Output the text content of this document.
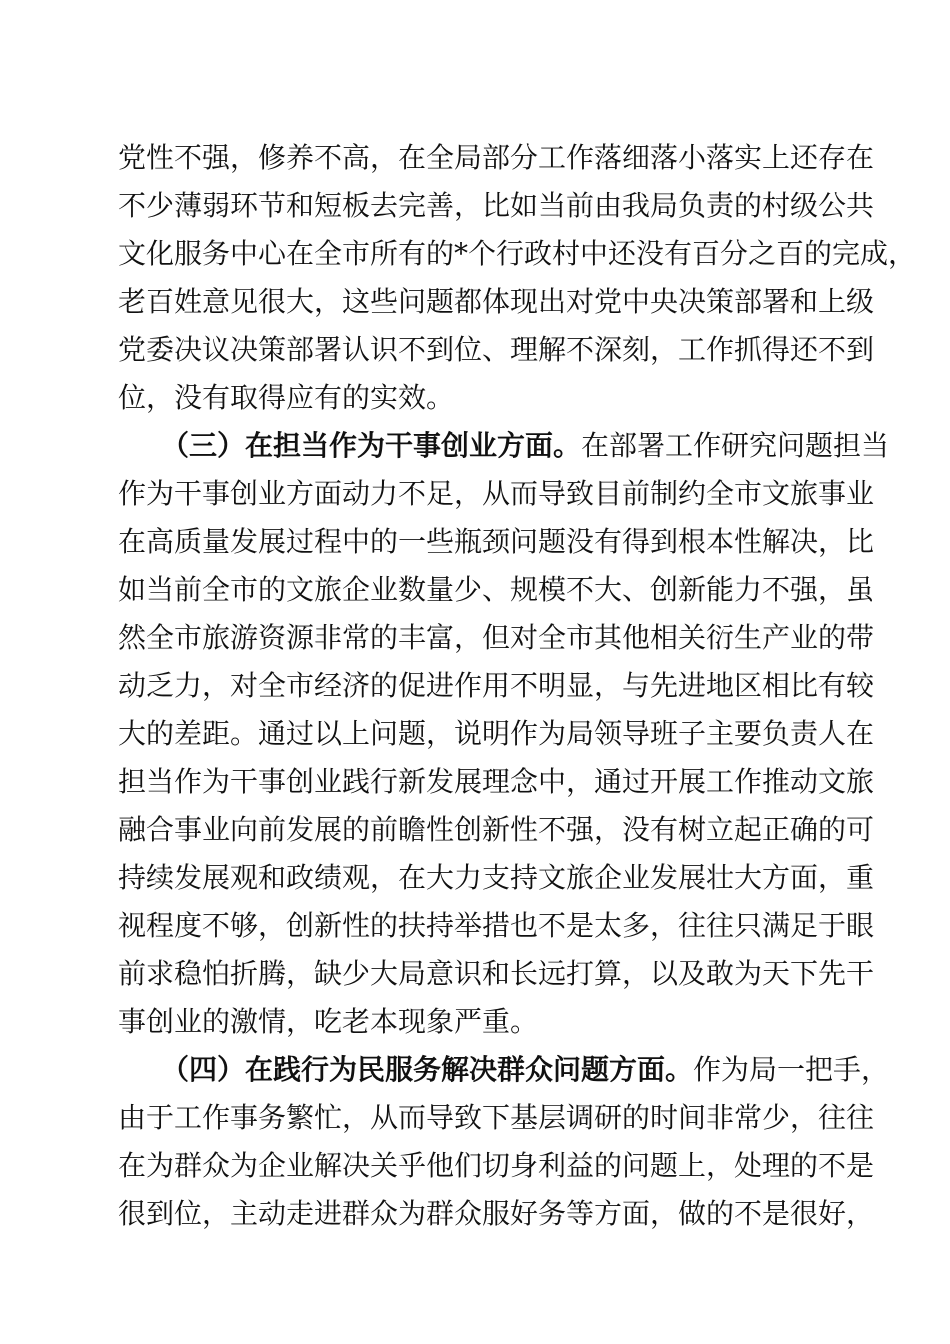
党性不强，修养不高，在全局部分工作落细落小落实上还存在
不少薄弱环节和短板去完善，比如当前由我局负责的村级公共
文化服务中心在全市所有的*个行政村中还没有百分之百的完成，
老百姓意见很大，这些问题都体现出对党中央决策部署和上级
党委决议决策部署认识不到位、理解不深刻，工作抓得还不到
位，没有取得应有的实效。
（三）在担当作为干事创业方面。在部署工作研究问题担当
作为干事创业方面动力不足，从而导致目前制约全市文旅事业
在高质量发展过程中的一些瓶颈问题没有得到根本性解决，比
如当前全市的文旅企业数量少、规模不大、创新能力不强，虽
然全市旅游资源非常的丰富，但对全市其他相关衍生产业的带
动乏力，对全市经济的促进作用不明显，与先进地区相比有较
大的差距。通过以上问题，说明作为局领导班子主要负责人在
担当作为干事创业践行新发展理念中，通过开展工作推动文旅
融合事业向前发展的前瞻性创新性不强，没有树立起正确的可
持续发展观和政绩观，在大力支持文旅企业发展壮大方面，重
视程度不够，创新性的扶持举措也不是太多，往往只满足于眼
前求稳怕折腾，缺少大局意识和长远打算，以及敢为天下先干
事创业的激情，吃老本现象严重。
（四）在践行为民服务解决群众问题方面。作为局一把手，
由于工作事务繁忙，从而导致下基层调研的时间非常少，往往
在为群众为企业解决关乎他们切身利益的问题上，处理的不是
很到位，主动走进群众为群众服好务等方面，做的不是很好，
